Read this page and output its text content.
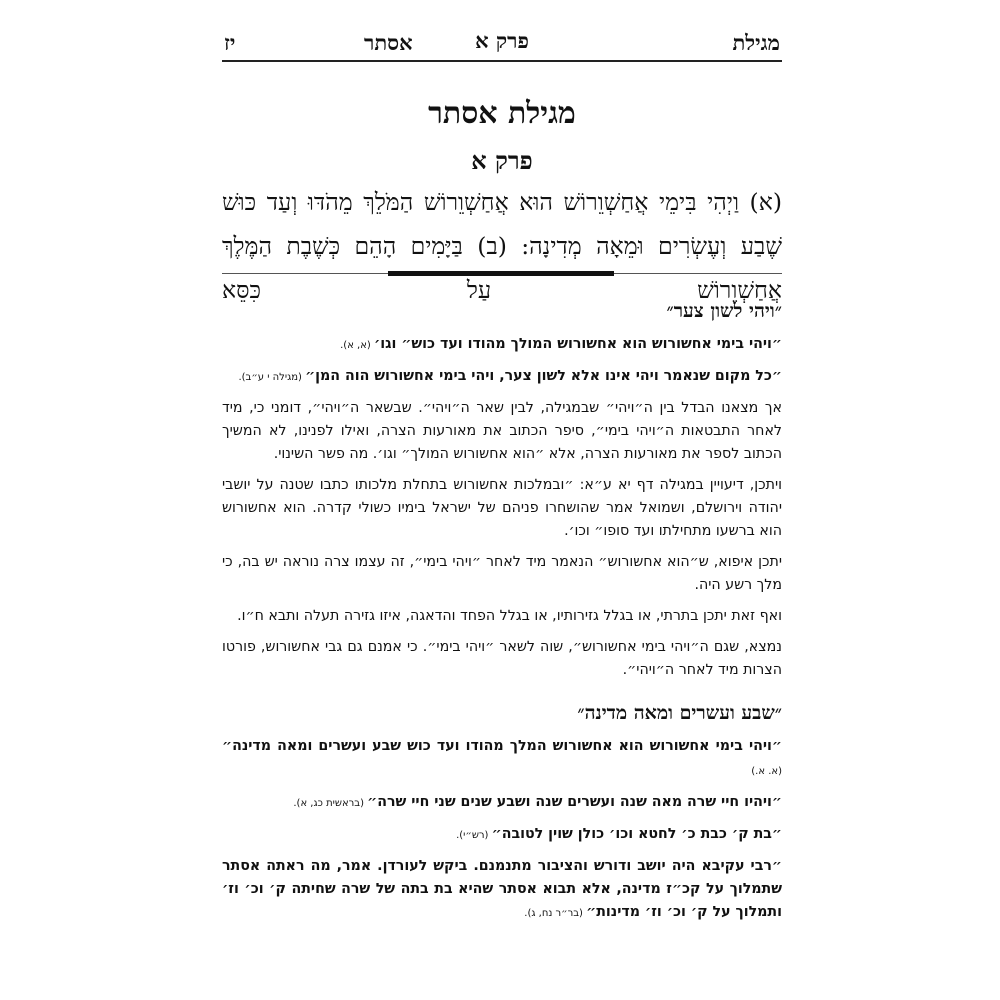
מגילת
פרק א
אסתר
יז
מגילת אסתר
פרק א

(א) וַיְהִי בִּימֵי אֲחַשְׁוֵרוֹשׁ הוּא אֲחַשְׁוֵרוֹשׁ הַמֹּלֵךְ מֵהֹדּוּ וְעַד כּוּשׁ שֶׁבַע וְעֶשְׂרִים וּמֵאָה מְדִינָה: (ב) בַּיָּמִים הָהֵם כְּשֶׁבֶת הַמֶּלֶךְ אֲחַשְׁוֵרוֹשׁ עַל כִּסֵּא

״ויהי לשון צער״

״ויהי בימי אחשורוש הוא אחשורוש המולך מהודו ועד כוש״ וגו׳ (א, א).

״כל מקום שנאמר ויהי אינו אלא לשון צער, ויהי בימי אחשורוש הוה המן״ (מגילה י ע״ב).

אך מצאנו הבדל בין ה״ויהי״ שבמגילה, לבין שאר ה״ויהי״. שבשאר ה״ויהי״, דומני כי, מיד לאחר התבטאות ה״ויהי בימי״, סיפר הכתוב את מאורעות הצרה, ואילו לפנינו, לא המשיך הכתוב לספר את מאורעות הצרה, אלא ״הוא אחשורוש המולך״ וגו׳. מה פשר השינוי.

ויתכן, דיעויין במגילה דף יא ע״א: ״ובמלכות אחשורוש בתחלת מלכותו כתבו שטנה על יושבי יהודה וירושלם, ושמואל אמר שהושחרו פניהם של ישראל בימיו כשולי קדרה. הוא אחשורוש הוא ברשעו מתחילתו ועד סופו״ וכו׳.

יתכן איפוא, ש״הוא אחשורוש״ הנאמר מיד לאחר ״ויהי בימי״, זה עצמו צרה נוראה יש בה, כי מלך רשע היה.

ואף זאת יתכן בתרתי, או בגלל גזירותיו, או בגלל הפחד והדאגה, איזו גזירה תעלה ותבא ח״ו.

נמצא, שגם ה״ויהי בימי אחשורוש״, שוה לשאר ״ויהי בימי״. כי אמנם גם גבי אחשורוש, פורטו הצרות מיד לאחר ה״ויהי״.

״שבע ועשרים ומאה מדינה״

״ויהי בימי אחשורוש הוא אחשורוש המלך מהודו ועד כוש שבע ועשרים ומאה מדינה״ (א. א.)

״ויהיו חיי שרה מאה שנה ועשרים שנה ושבע שנים שני חיי שרה״ (בראשית כג, א).

״בת ק׳ כבת כ׳ לחטא וכו׳ כולן שוין לטובה״ (רש״י).

״רבי עקיבא היה יושב ודורש והציבור מתנמנם. ביקש לעורדן. אמר, מה ראתה אסתר שתמלוך על קכ״ז מדינה, אלא תבוא אסתר שהיא בת בתה של שרה שחיתה ק׳ וכ׳ וז׳ ותמלוך על ק׳ וכ׳ וז׳ מדינות״ (בר״ר נח, ג).
